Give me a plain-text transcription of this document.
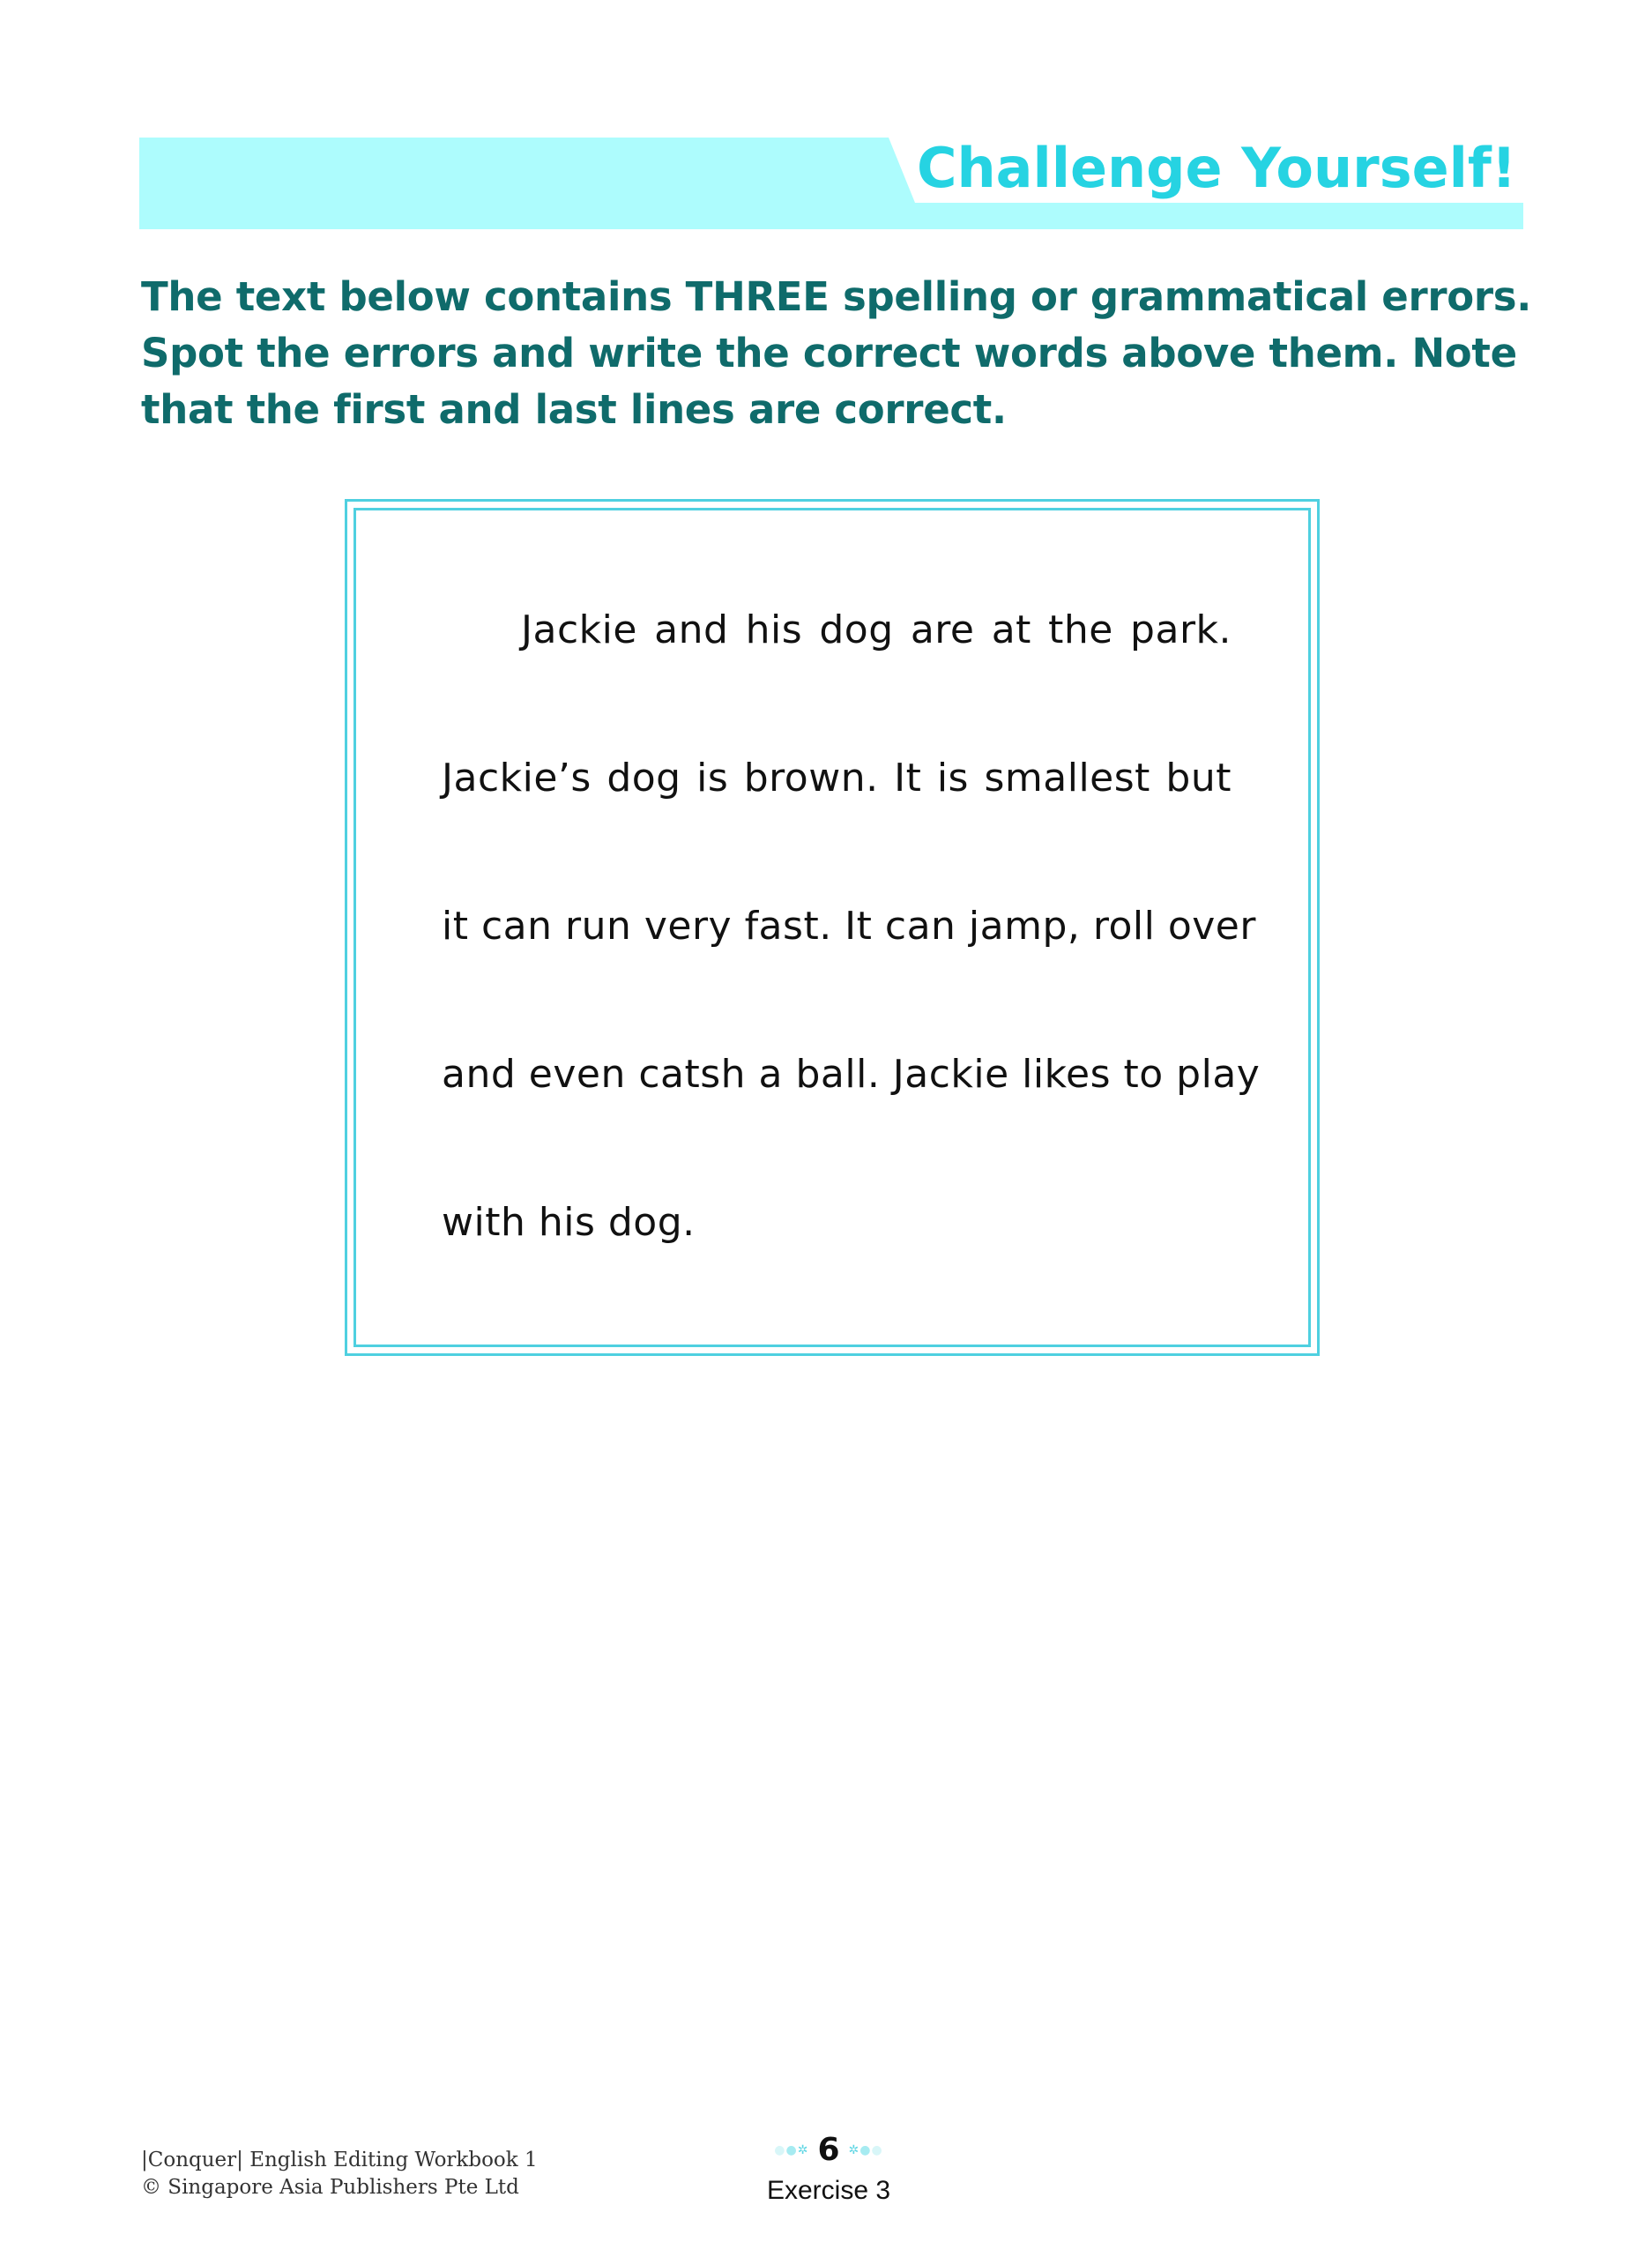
Challenge Yourself!
The text below contains THREE spelling or grammatical errors. Spot the errors and write the correct words above them. Note that the first and last lines are correct.
Jackie and his dog are at the park.
Jackie’s dog is brown. It is smallest but
it can run very fast. It can jamp, roll over
and even catsh a ball. Jackie likes to play
with his dog.
|Conquer| English Editing Workbook 1
© Singapore Asia Publishers Pte Ltd
●●✲ 6 ✲●●
Exercise 3
